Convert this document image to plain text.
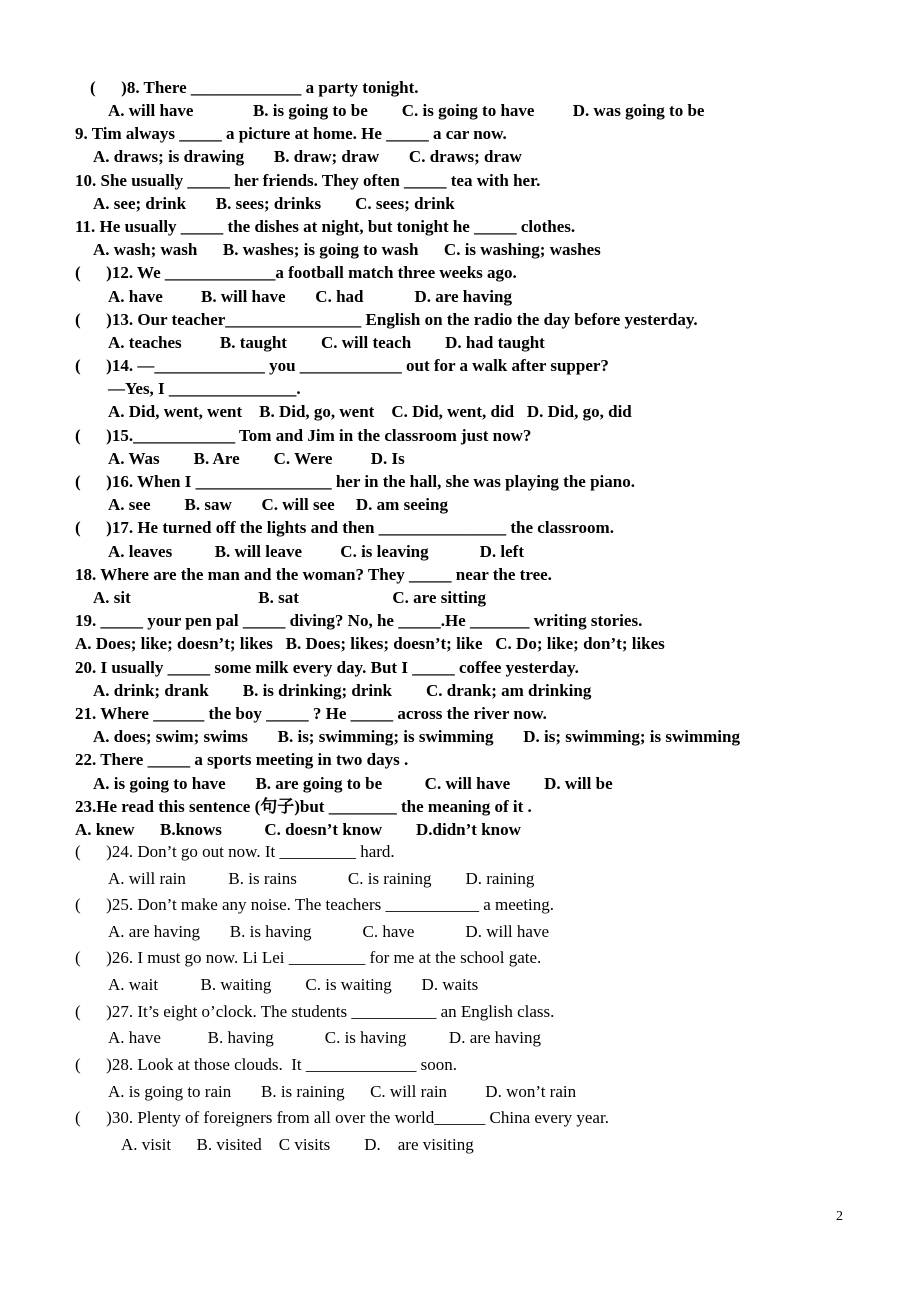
(      )8. There _____________ a party tonight.
A. will have              B. is going to be        C. is going to have         D. was going to be
9. Tim always _____ a picture at home. He _____ a car now.
A. draws; is drawing       B. draw; draw       C. draws; draw
10. She usually _____ her friends. They often _____ tea with her.
A. see; drink       B. sees; drinks        C. sees; drink
11. He usually _____ the dishes at night, but tonight he _____ clothes.
A. wash; wash      B. washes; is going to wash      C. is washing; washes
(      )12. We _____________a football match three weeks ago.
A. have         B. will have       C. had            D. are having
(      )13. Our teacher________________ English on the radio the day before yesterday.
A. teaches         B. taught        C. will teach        D. had taught
(      )14. —_____________ you ____________ out for a walk after supper?
—Yes, I _______________.
A. Did, went, went    B. Did, go, went    C. Did, went, did   D. Did, go, did
(      )15.____________ Tom and Jim in the classroom just now?
A. Was        B. Are        C. Were         D. Is
(      )16. When I ________________ her in the hall, she was playing the piano.
A. see        B. saw       C. will see     D. am seeing
(      )17. He turned off the lights and then _______________ the classroom.
A. leaves          B. will leave         C. is leaving            D. left
18. Where are the man and the woman? They _____ near the tree.
A. sit                              B. sat                      C. are sitting
19. _____ your pen pal _____ diving? No, he _____.He _______ writing stories.
A. Does; like; doesn’t; likes   B. Does; likes; doesn’t; like   C. Do; like; don’t; likes
20. I usually _____ some milk every day. But I _____ coffee yesterday.
A. drink; drank        B. is drinking; drink        C. drank; am drinking
21. Where ______ the boy _____ ? He _____ across the river now.
A. does; swim; swims       B. is; swimming; is swimming       D. is; swimming; is swimming
22. There _____ a sports meeting in two days .
A. is going to have       B. are going to be          C. will have        D. will be
23.He read this sentence (句子)but ________ the meaning of it .
A. knew      B.knows          C. doesn’t know        D.didn’t know
(      )24. Don’t go out now. It _________ hard.
A. will rain          B. is rains            C. is raining        D. raining
(      )25. Don’t make any noise. The teachers ___________ a meeting.
A. are having       B. is having            C. have            D. will have
(      )26. I must go now. Li Lei _________ for me at the school gate.
A. wait          B. waiting        C. is waiting       D. waits
(      )27. It’s eight o’clock. The students __________ an English class.
A. have           B. having            C. is having          D. are having
(      )28. Look at those clouds.  It _____________ soon.
A. is going to rain       B. is raining      C. will rain         D. won’t rain
(      )30. Plenty of foreigners from all over the world______ China every year.
A. visit      B. visited    C visits        D.    are visiting
2
